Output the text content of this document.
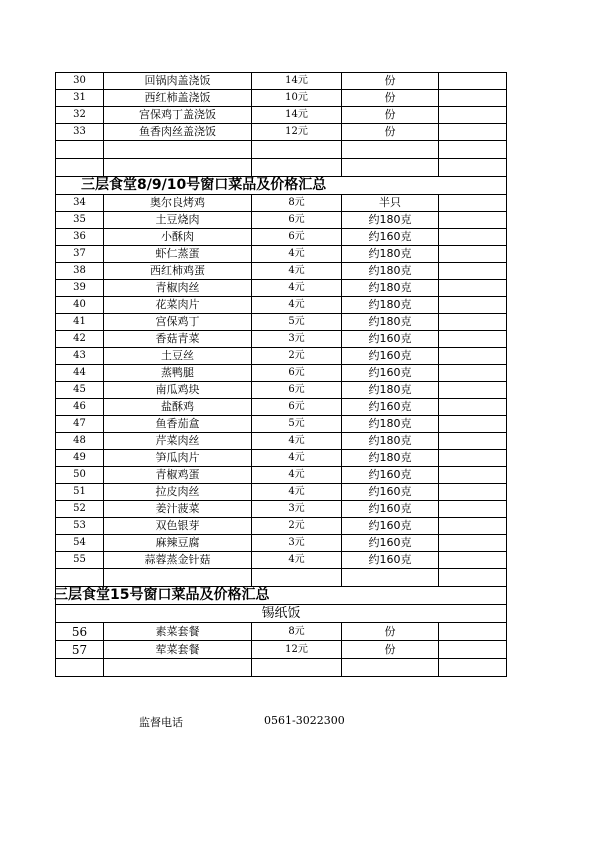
30	回锅肉盖浇饭	14元	份	
31	西红柿盖浇饭	10元	份	
32	宫保鸡丁盖浇饭	14元	份	
33	鱼香肉丝盖浇饭	12元	份	

三层食堂8/9/10号窗口菜品及价格汇总				
34	奥尔良烤鸡	8元	半只	
35	土豆烧肉	6元	约180克	
36	小酥肉	6元	约160克	
37	虾仁蒸蛋	4元	约180克	
38	西红柿鸡蛋	4元	约180克	
39	青椒肉丝	4元	约180克	
40	花菜肉片	4元	约180克	
41	宫保鸡丁	5元	约180克	
42	香菇青菜	3元	约160克	
43	土豆丝	2元	约160克	
44	蒸鸭腿	6元	约160克	
45	南瓜鸡块	6元	约180克	
46	盐酥鸡	6元	约160克	
47	鱼香茄盒	5元	约180克	
48	芹菜肉丝	4元	约180克	
49	笋瓜肉片	4元	约180克	
50	青椒鸡蛋	4元	约160克	
51	拉皮肉丝	4元	约160克	
52	姜汁菠菜	3元	约160克	
53	双色银芽	2元	约160克	
54	麻辣豆腐	3元	约160克	
55	蒜蓉蒸金针菇	4元	约160克	

三层食堂15号窗口菜品及价格汇总				
锡纸饭				
56	素菜套餐	8元	份	
57	荤菜套餐	12元	份	

监督电话	0561-3022300
